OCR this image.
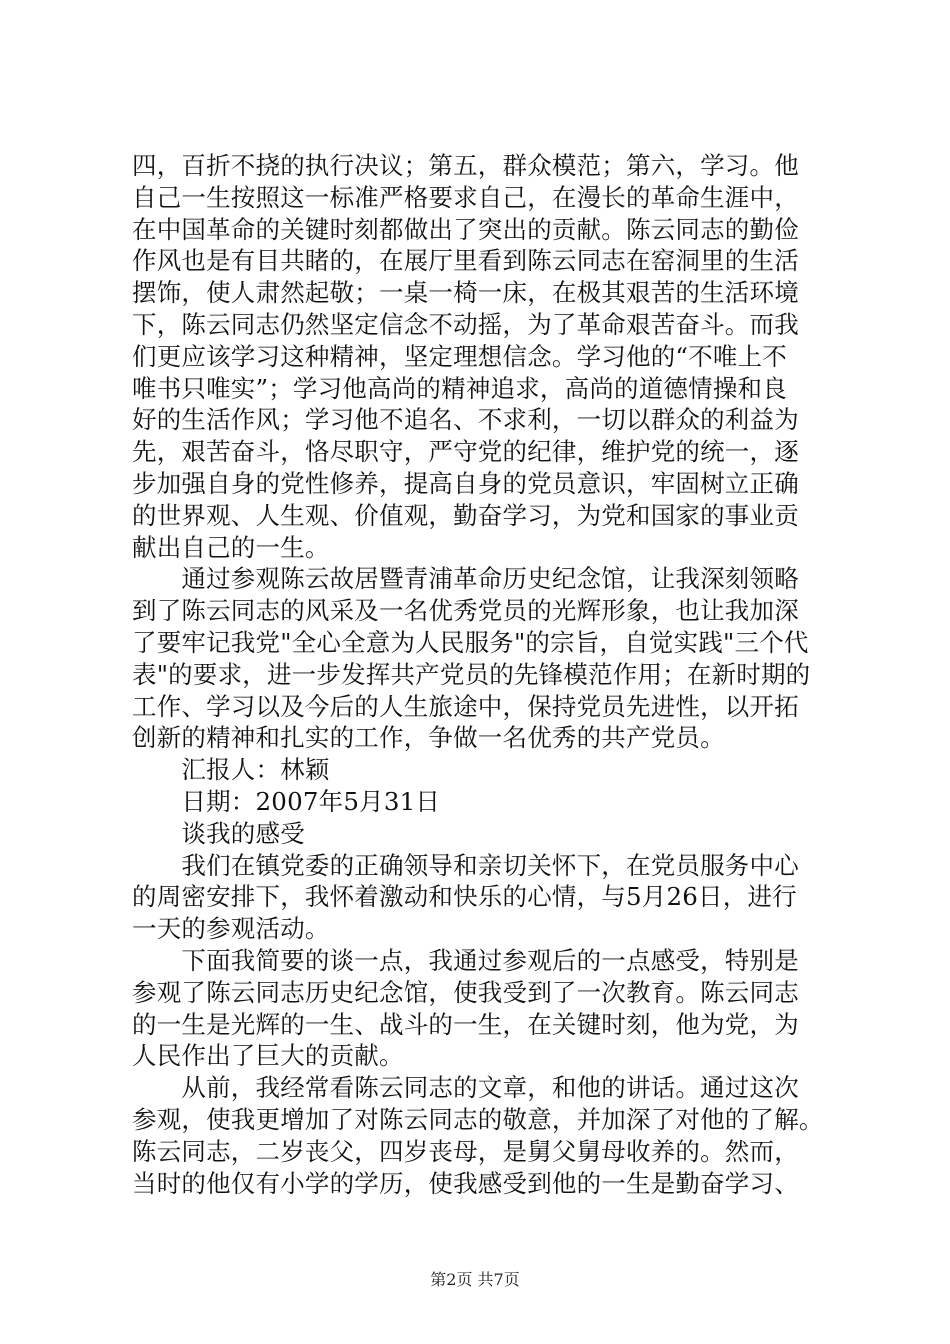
四，百折不挠的执行决议；第五，群众模范；第六，学习。他
自己一生按照这一标准严格要求自己，在漫长的革命生涯中，
在中国革命的关键时刻都做出了突出的贡献。陈云同志的勤俭
作风也是有目共睹的，在展厅里看到陈云同志在窑洞里的生活
摆饰，使人肃然起敬；一桌一椅一床，在极其艰苦的生活环境
下，陈云同志仍然坚定信念不动摇，为了革命艰苦奋斗。而我
们更应该学习这种精神，坚定理想信念。学习他的“不唯上不
唯书只唯实”；学习他高尚的精神追求，高尚的道德情操和良
好的生活作风；学习他不追名、不求利，一切以群众的利益为
先，艰苦奋斗，恪尽职守，严守党的纪律，维护党的统一，逐
步加强自身的党性修养，提高自身的党员意识，牢固树立正确
的世界观、人生观、价值观，勤奋学习，为党和国家的事业贡
献出自己的一生。
　　通过参观陈云故居暨青浦革命历史纪念馆，让我深刻领略
到了陈云同志的风采及一名优秀党员的光辉形象，也让我加深
了要牢记我党"全心全意为人民服务"的宗旨，自觉实践"三个代
表"的要求，进一步发挥共产党员的先锋模范作用；在新时期的
工作、学习以及今后的人生旅途中，保持党员先进性，以开拓
创新的精神和扎实的工作，争做一名优秀的共产党员。
　　汇报人：林颖
　　日期：2007年5月31日
　　谈我的感受
　　我们在镇党委的正确领导和亲切关怀下，在党员服务中心
的周密安排下，我怀着激动和快乐的心情，与5月26日，进行
一天的参观活动。
　　下面我简要的谈一点，我通过参观后的一点感受，特别是
参观了陈云同志历史纪念馆，使我受到了一次教育。陈云同志
的一生是光辉的一生、战斗的一生，在关键时刻，他为党，为
人民作出了巨大的贡献。
　　从前，我经常看陈云同志的文章，和他的讲话。通过这次
参观，使我更增加了对陈云同志的敬意，并加深了对他的了解。
陈云同志，二岁丧父，四岁丧母，是舅父舅母收养的。然而，
当时的他仅有小学的学历，使我感受到他的一生是勤奋学习、
第2页 共7页
